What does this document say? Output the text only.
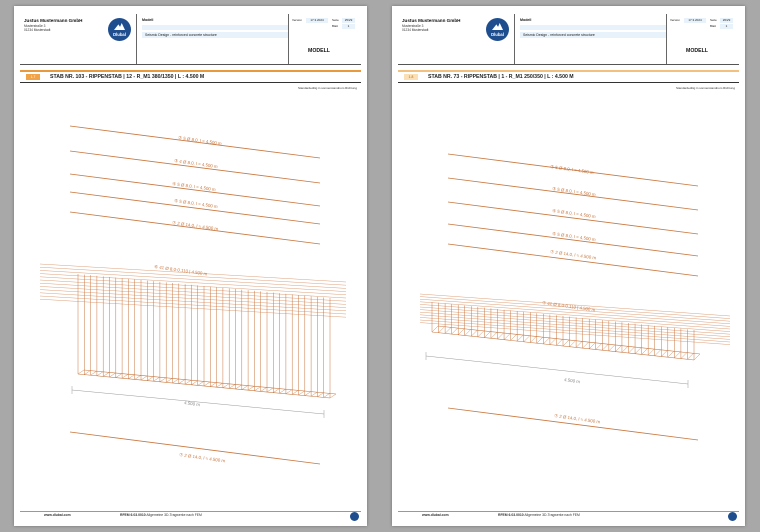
Justus Mustermann GmbH
Musterstraße 3
01234 Musterstadt
Dlubal
Modell
Seismic Design - reinforced concrete structure
Version	17.3.2024	Seite	25/29
Blatt	1
MODELL
1.7	STAB NR. 103 - RIPPENSTAB | 12 - R_M1 380/1350 | L : 4.500 M
Standardeditig in sonnenstandnum Richtung
② 5 Ø 8.0, l = 4.500 m
③ 4 Ø 8.0, l = 4.500 m
④ 5 Ø 8.0, l = 4.500 m
⑤ 5 Ø 8.0, l = 4.500 m
⑦ 2 Ø 14.0, l = 4.500 m
⑥ 41 Ø 8.0-0.110 | 4.500 m
4.500 m
⑦ 2 Ø 14.0, l = 4.500 m
www.dlubal.com	RFEM 6.03.0010 Allgemeine 3D-Tragwerke nach FEM
Justus Mustermann GmbH
Musterstraße 3
01234 Musterstadt
Dlubal
Modell
Seismic Design - reinforced concrete structure
Version	17.3.2024	Seite	26/29
Blatt	1
MODELL
1.8	STAB NR. 73 - RIPPENSTAB | 1 - R_M1 250/350 | L : 4.500 M
Standardeditig in sonnenstandnum Richtung
② 5 Ø 8.0, l = 4.500 m
③ 5 Ø 8.0, l = 4.500 m
④ 5 Ø 8.0, l = 4.500 m
⑤ 5 Ø 8.0, l = 4.500 m
⑦ 2 Ø 14.0, l = 4.500 m
① 41 Ø 8.0-0.110 | 4.500 m
4.500 m
⑦ 2 Ø 14.0, l = 4.500 m
www.dlubal.com	RFEM 6.03.0010 Allgemeine 3D-Tragwerke nach FEM
